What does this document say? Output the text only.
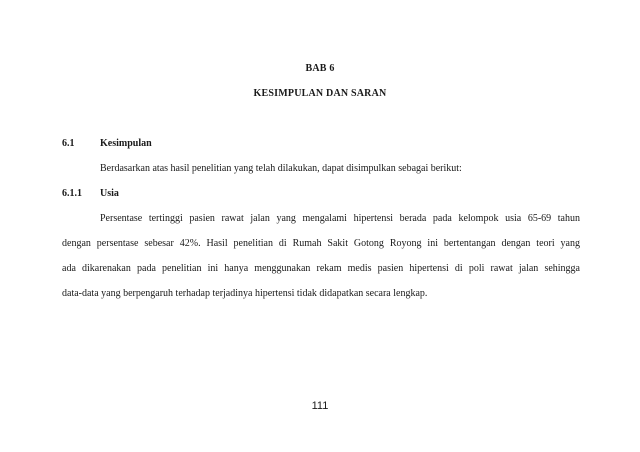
BAB 6
KESIMPULAN DAN SARAN
6.1	Kesimpulan
Berdasarkan atas hasil penelitian yang telah dilakukan, dapat disimpulkan sebagai berikut:
6.1.1 Usia
Persentase tertinggi pasien rawat jalan yang mengalami hipertensi berada pada kelompok usia 65-69 tahun
dengan persentase sebesar 42%. Hasil penelitian di Rumah Sakit Gotong Royong ini bertentangan dengan teori yang
ada dikarenakan pada penelitian ini hanya menggunakan rekam medis pasien hipertensi di poli rawat jalan sehingga
data-data yang berpengaruh terhadap terjadinya hipertensi tidak didapatkan secara lengkap.
111
